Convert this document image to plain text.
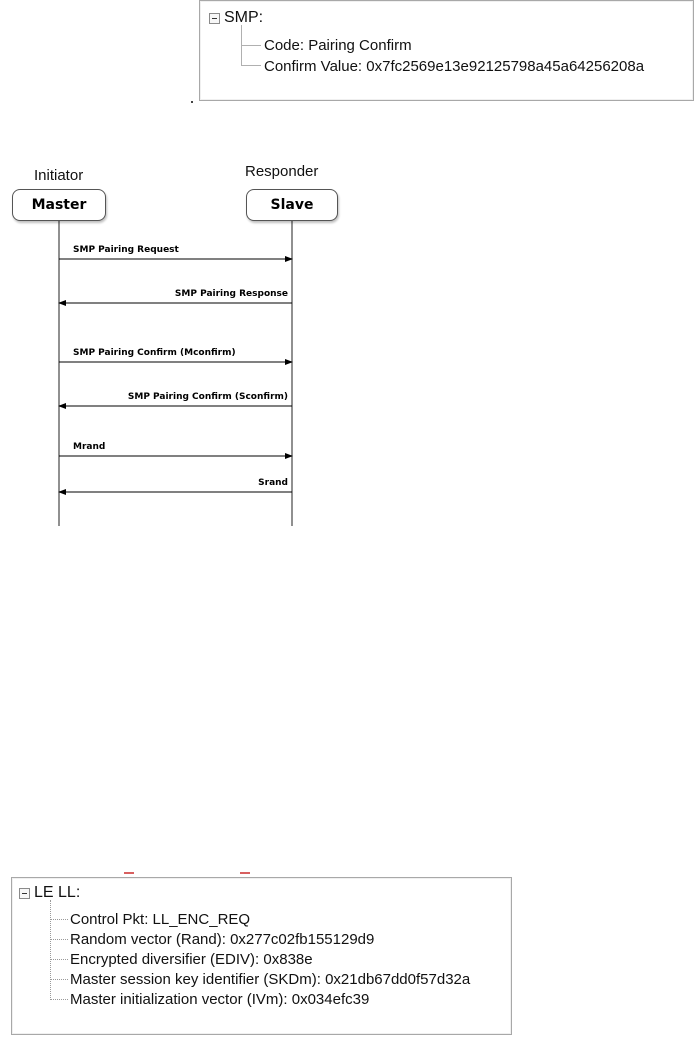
SMP:
Code: Pairing Confirm
Confirm Value: 0x7fc2569e13e92125798a45a64256208a
Initiator	Responder
SMP Pairing Request
SMP Pairing Response
SMP Pairing Confirm (Mconfirm)
SMP Pairing Confirm (Sconfirm)
Mrand
Srand
Master	Slave
LE LL:
Control Pkt: LL_ENC_REQ
Random vector (Rand): 0x277c02fb155129d9
Encrypted diversifier (EDIV): 0x838e
Master session key identifier (SKDm): 0x21db67dd0f57d32a
Master initialization vector (IVm): 0x034efc39
